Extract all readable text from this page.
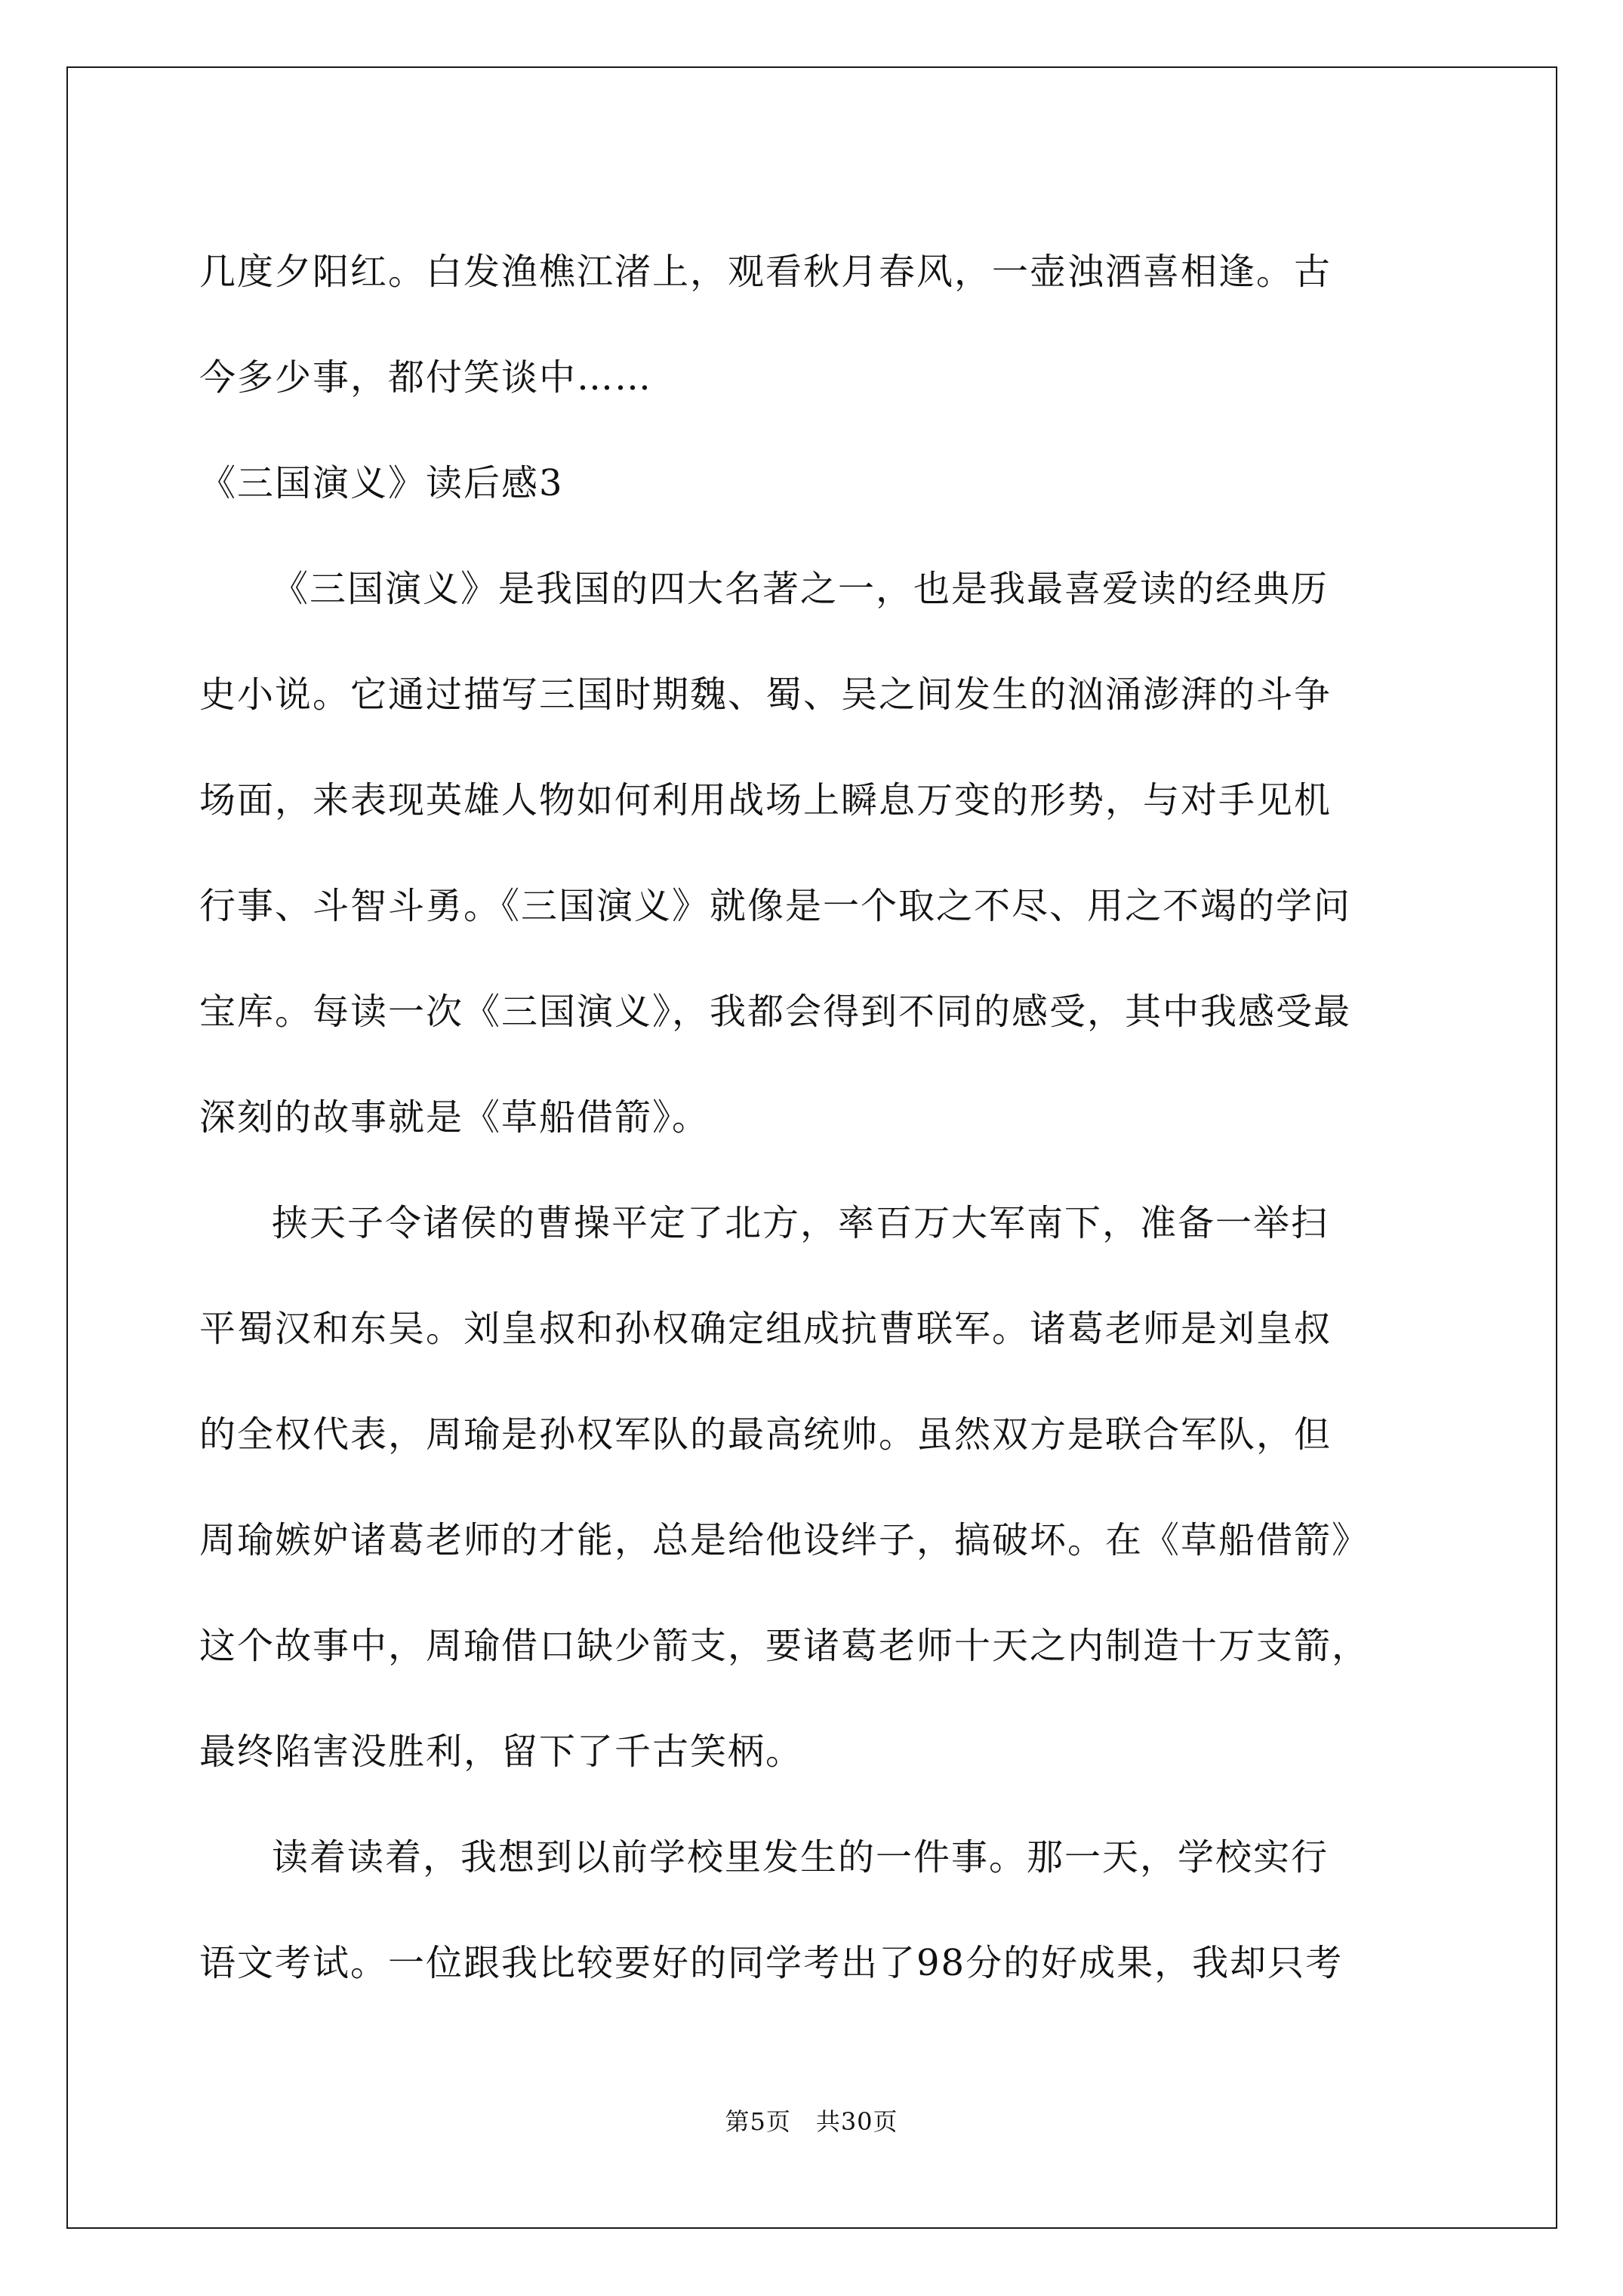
几度夕阳红。白发渔樵江渚上，观看秋月春风，一壶浊酒喜相逢。古
今多少事，都付笑谈中……
《三国演义》读后感3
《三国演义》是我国的四大名著之一，也是我最喜爱读的经典历
史小说。它通过描写三国时期魏、蜀、吴之间发生的汹涌澎湃的斗争
场面，来表现英雄人物如何利用战场上瞬息万变的形势，与对手见机
行事、斗智斗勇。《三国演义》就像是一个取之不尽、用之不竭的学问
宝库。每读一次《三国演义》，我都会得到不同的感受，其中我感受最
深刻的故事就是《草船借箭》。
挟天子令诸侯的曹操平定了北方，率百万大军南下，准备一举扫
平蜀汉和东吴。刘皇叔和孙权确定组成抗曹联军。诸葛老师是刘皇叔
的全权代表，周瑜是孙权军队的最高统帅。虽然双方是联合军队，但
周瑜嫉妒诸葛老师的才能，总是给他设绊子，搞破坏。在《草船借箭》
这个故事中，周瑜借口缺少箭支，要诸葛老师十天之内制造十万支箭，
最终陷害没胜利，留下了千古笑柄。
读着读着，我想到以前学校里发生的一件事。那一天，学校实行
语文考试。一位跟我比较要好的同学考出了98分的好成果，我却只考
第5页　共30页
